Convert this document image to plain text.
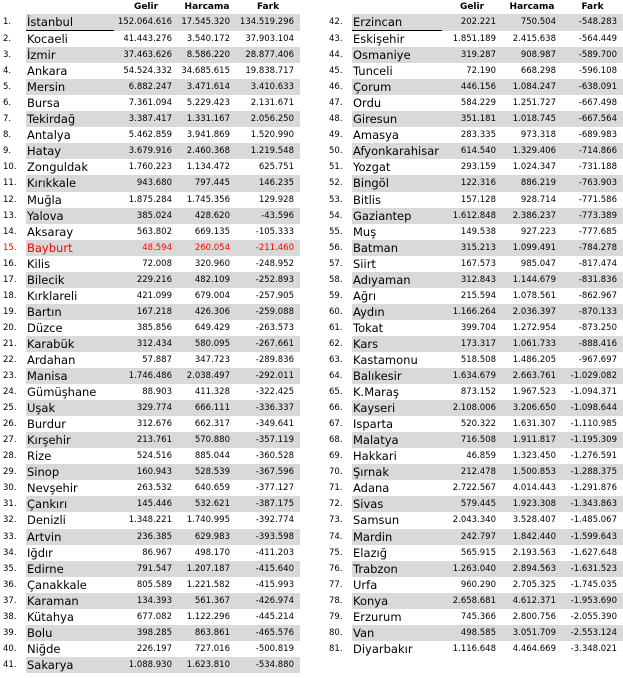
		Gelir	Harcama	Fark
1.	İstanbul	152.064.616	17.545.320	134.519.296
2.	Kocaeli	41.443.276	3.540.172	37.903.104
3.	İzmir	37.463.626	8.586.220	28.877.406
4.	Ankara	54.524.332	34.685.615	19.838.717
5.	Mersin	6.882.247	3.471.614	3.410.633
6.	Bursa	7.361.094	5.229.423	2.131.671
7.	Tekirdağ	3.387.417	1.331.167	2.056.250
8.	Antalya	5.462.859	3.941.869	1.520.990
9.	Hatay	3.679.916	2.460.368	1.219.548
10.	Zonguldak	1.760.223	1.134.472	625.751
11.	Kırıkkale	943.680	797.445	146.235
12.	Muğla	1.875.284	1.745.356	129.928
13.	Yalova	385.024	428.620	-43.596
14.	Aksaray	563.802	669.135	-105.333
15.	Bayburt	48.594	260.054	-211.460
16.	Kilis	72.008	320.960	-248.952
17.	Bilecik	229.216	482.109	-252.893
18.	Kırklareli	421.099	679.004	-257.905
19.	Bartın	167.218	426.306	-259.088
20.	Düzce	385.856	649.429	-263.573
21.	Karabük	312.434	580.095	-267.661
22.	Ardahan	57.887	347.723	-289.836
23.	Manisa	1.746.486	2.038.497	-292.011
24.	Gümüşhane	88.903	411.328	-322.425
25.	Uşak	329.774	666.111	-336.337
26.	Burdur	312.676	662.317	-349.641
27.	Kırşehir	213.761	570.880	-357.119
28.	Rize	524.516	885.044	-360.528
29.	Sinop	160.943	528.539	-367.596
30.	Nevşehir	263.532	640.659	-377.127
31.	Çankırı	145.446	532.621	-387.175
32.	Denizli	1.348.221	1.740.995	-392.774
33.	Artvin	236.385	629.983	-393.598
34.	Iğdır	86.967	498.170	-411.203
35.	Edirne	791.547	1.207.187	-415.640
36.	Çanakkale	805.589	1.221.582	-415.993
37.	Karaman	134.393	561.367	-426.974
38.	Kütahya	677.082	1.122.296	-445.214
39.	Bolu	398.285	863.861	-465.576
40.	Niğde	226.197	727.016	-500.819
41.	Sakarya	1.088.930	1.623.810	-534.880
		Gelir	Harcama	Fark
42.	Erzincan	202.221	750.504	-548.283
43.	Eskişehir	1.851.189	2.415.638	-564.449
44.	Osmaniye	319.287	908.987	-589.700
45.	Tunceli	72.190	668.298	-596.108
46.	Çorum	446.156	1.084.247	-638.091
47.	Ordu	584.229	1.251.727	-667.498
48.	Giresun	351.181	1.018.745	-667.564
49.	Amasya	283.335	973.318	-689.983
50.	Afyonkarahisar	614.540	1.329.406	-714.866
51.	Yozgat	293.159	1.024.347	-731.188
52.	Bingöl	122.316	886.219	-763.903
53.	Bitlis	157.128	928.714	-771.586
54.	Gaziantep	1.612.848	2.386.237	-773.389
55.	Muş	149.538	927.223	-777.685
56.	Batman	315.213	1.099.491	-784.278
57.	Siirt	167.573	985.047	-817.474
58.	Adıyaman	312.843	1.144.679	-831.836
59.	Ağrı	215.594	1.078.561	-862.967
60.	Aydın	1.166.264	2.036.397	-870.133
61.	Tokat	399.704	1.272.954	-873.250
62.	Kars	173.317	1.061.733	-888.416
63.	Kastamonu	518.508	1.486.205	-967.697
64.	Balıkesir	1.634.679	2.663.761	-1.029.082
65.	K.Maraş	873.152	1.967.523	-1.094.371
66.	Kayseri	2.108.006	3.206.650	-1.098.644
67.	Isparta	520.322	1.631.307	-1.110.985
68.	Malatya	716.508	1.911.817	-1.195.309
69.	Hakkari	46.859	1.323.450	-1.276.591
70.	Şırnak	212.478	1.500.853	-1.288.375
71.	Adana	2.722.567	4.014.443	-1.291.876
72.	Sivas	579.445	1.923.308	-1.343.863
73.	Samsun	2.043.340	3.528.407	-1.485.067
74.	Mardin	242.797	1.842.440	-1.599.643
75.	Elazığ	565.915	2.193.563	-1.627.648
76.	Trabzon	1.263.040	2.894.563	-1.631.523
77.	Urfa	960.290	2.705.325	-1.745.035
78.	Konya	2.658.681	4.612.371	-1.953.690
79.	Erzurum	745.366	2.800.756	-2.055.390
80.	Van	498.585	3.051.709	-2.553.124
81.	Diyarbakır	1.116.648	4.464.669	-3.348.021
